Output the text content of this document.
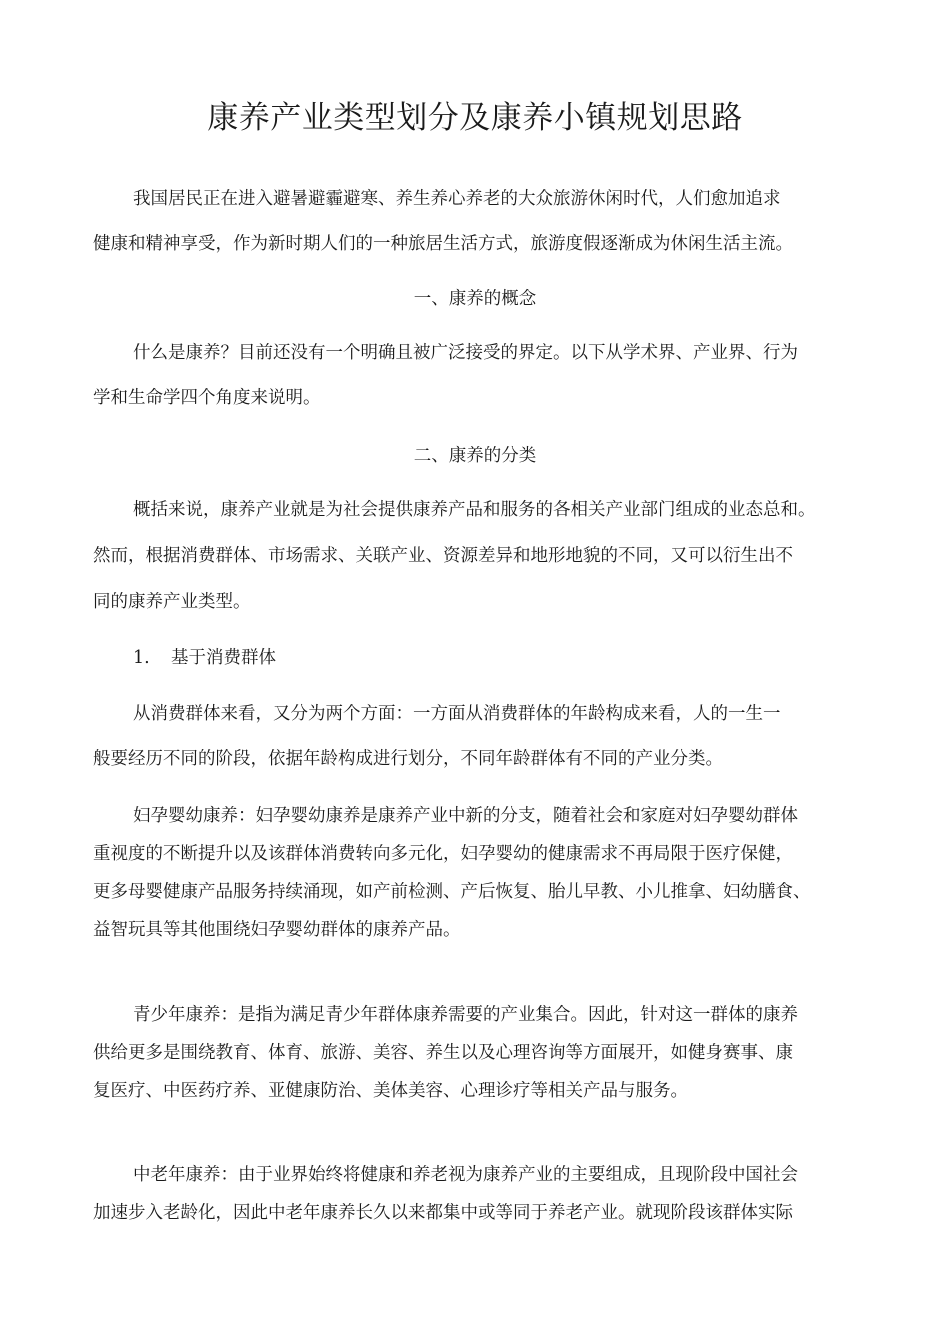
康养产业类型划分及康养小镇规划思路

我国居民正在进入避暑避霾避寒、养生养心养老的大众旅游休闲时代，人们愈加追求

健康和精神享受，作为新时期人们的一种旅居生活方式，旅游度假逐渐成为休闲生活主流。

一、康养的概念

什么是康养？目前还没有一个明确且被广泛接受的界定。以下从学术界、产业界、行为

学和生命学四个角度来说明。

二、康养的分类

概括来说，康养产业就是为社会提供康养产品和服务的各相关产业部门组成的业态总和。

然而，根据消费群体、市场需求、关联产业、资源差异和地形地貌的不同，又可以衍生出不

同的康养产业类型。

1. 基于消费群体

从消费群体来看，又分为两个方面：一方面从消费群体的年龄构成来看，人的一生一

般要经历不同的阶段，依据年龄构成进行划分，不同年龄群体有不同的产业分类。

妇孕婴幼康养：妇孕婴幼康养是康养产业中新的分支，随着社会和家庭对妇孕婴幼群体

重视度的不断提升以及该群体消费转向多元化，妇孕婴幼的健康需求不再局限于医疗保健，

更多母婴健康产品服务持续涌现，如产前检测、产后恢复、胎儿早教、小儿推拿、妇幼膳食、

益智玩具等其他围绕妇孕婴幼群体的康养产品。

青少年康养：是指为满足青少年群体康养需要的产业集合。因此，针对这一群体的康养

供给更多是围绕教育、体育、旅游、美容、养生以及心理咨询等方面展开，如健身赛事、康

复医疗、中医药疗养、亚健康防治、美体美容、心理诊疗等相关产品与服务。

中老年康养：由于业界始终将健康和养老视为康养产业的主要组成，且现阶段中国社会

加速步入老龄化，因此中老年康养长久以来都集中或等同于养老产业。就现阶段该群体实际
